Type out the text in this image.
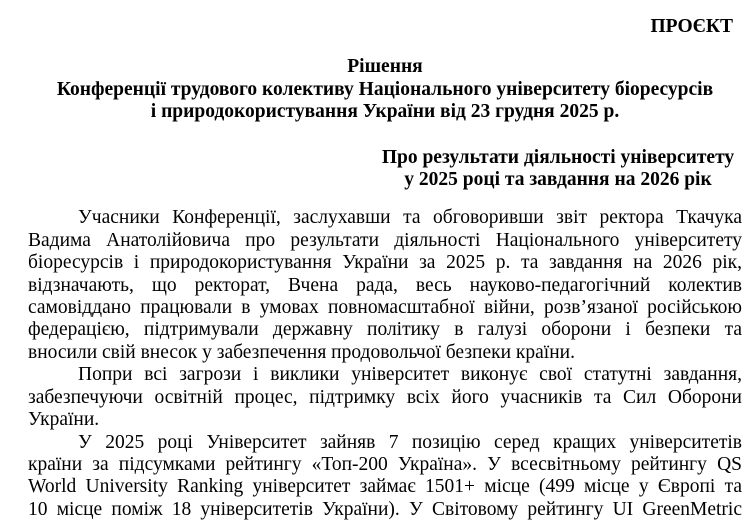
ПРОЄКТ
Рішення
Конференції трудового колективу Національного університету біоресурсів
і природокористування України від 23 грудня 2025 р.
Про результати діяльності університету
у 2025 році та завдання на 2026 рік
Учасники Конференції, заслухавши та обговоривши звіт ректора Ткачука
Вадима Анатолійовича про результати діяльності Національного університету
біоресурсів і природокористування України за 2025 р. та завдання на 2026 рік,
відзначають, що ректорат, Вчена рада, весь науково-педагогічний колектив
самовіддано працювали в умовах повномасштабної війни, розв’язаної російською
федерацією, підтримували державну політику в галузі оборони і безпеки та
вносили свій внесок у забезпечення продовольчої безпеки країни.
Попри всі загрози і виклики університет виконує свої статутні завдання,
забезпечуючи освітній процес, підтримку всіх його учасників та Сил Оборони
України.
У 2025 році Університет зайняв 7 позицію серед кращих університетів
країни за підсумками рейтингу «Топ-200 Україна». У всесвітньому рейтингу QS
World University Ranking університет займає 1501+ місце (499 місце у Європі та
10 місце поміж 18 університетів України). У Світовому рейтингу UI GreenMetric
